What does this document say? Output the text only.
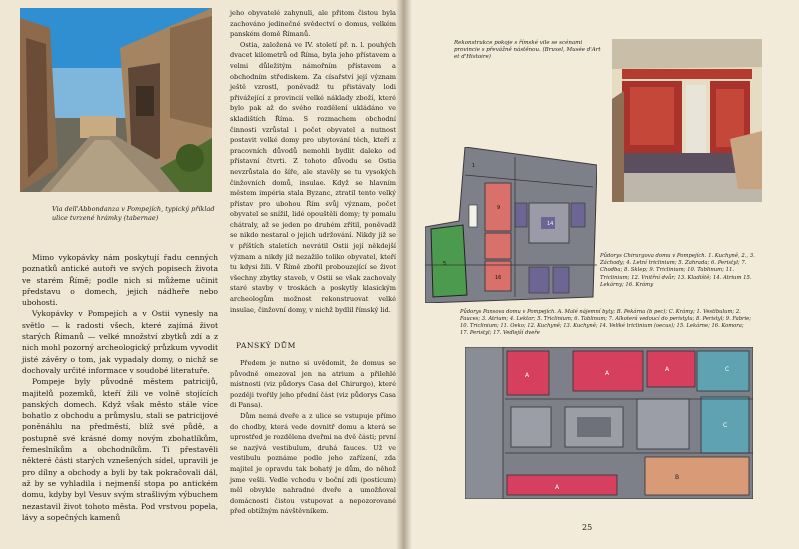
Via dell'Abbondanza v Pompejích, typický příklad ulice tvrzené hrámky (tabernae)

Mimo vykopávky nám poskytují řadu cenných poznatků antické autoři ve svých popisech života ve starém Římě; podle nich si můžeme učinit představu o domech, jejich nádheře nebo ubohosti.

Vykopávky v Pompejích a v Ostii vynesly na světlo — k radosti všech, které zajímá život starých Římanů — velké množství zbytků zdí a z nich mohl pozorný archeologický průzkum vyvodit jisté závěry o tom, jak vypadaly domy, o nichž se dochovaly určité informace v soudobé literatuře.

Pompeje byly původně městem patricijů, majitelů pozemků, kteří žili ve volně stojících panských domech. Když však město stále více bohatlo z obchodu a průmyslu, stali se patricijové poněnáhlu na předměstí, blíž své půdě, a postupně své krásné domy novým zbohatlíkům, řemeslníkům a obchodníkům. Ti přestavěli některé části starých vznešených sídel, upravili je pro dílny a obchody a byli by tak pokračovali dál, až by se vyhladila i nejmenší stopa po antickém domu, kdyby byl Vesuv svým strašlivým výbuchem nezastavil život tohoto města. Pod vrstvou popela, lávy a sopečných kamenů

jeho obyvatelé zahynuli, ale přitom čistou byla zachováno jedinečné svědectví o domus, velkém panském domě Římanů.

Ostia, založená ve IV. století př. n. l. pouhých dvacet kilometrů od Říma, byla jeho přístavem a velmi důležitým námořním přístavem a obchodním střediskem. Za císařství její význam ještě vzrostl, poněvadž tu přistávaly lodi přivážející z provincií velké náklady zboží, které bylo pak až do svého rozdělení ukládáno ve skladištích Říma. S rozmachem obchodní činnosti vzrůstal i počet obyvatel a nutnost postavit velké domy pro ubytování těch, kteří z pracovních důvodů nemohli bydlit daleko od přístavní čtvrti. Z tohoto důvodu se Ostia nevzrůstala do šíře, ale stavěly se tu vysokých činžovních domů, insulae. Když se hlavním městem impéria stala Byzanc, ztratil tento velký přístav pro ubohou Řím svůj význam, počet obyvatel se snížil, lidé opouštěli domy; ty pomalu chátraly, až se jeden po druhém zřítil, poněvadž se nikdo nestaral o jejich udržování. Nikdy již se v příštích staletích nevrátil Ostii její někdejší význam a nikdy již nezažilo toliko obyvatel, kteří tu kdysi žili. V Římě zbořil probouzející se život všechny zbytky staveb, v Ostii se však zachovaly staré stavby v troskách a poskytly klasickým archeologům možnost rekonstruovat velké insulae, činžovní domy, v nichž bydlil římský lid.

PANSKÝ DŮM

Předem je nutno si uvědomit, že domus se původně omezoval jen na atrium a přilehlé místnosti (viz půdorys Casa del Chirurgo), které později tvořily jeho přední část (viz půdorys Casa di Pansa).

Dům nemá dveře a z ulice se vstupuje přímo do chodby, která vede dovnitř domu a která se uprostřed je rozdělena dveřmi na dvě části; první se nazývá vestibulum, druhá fauces. Už ve vestibulu poznáme podle jeho zařízení, zda majitel je opravdu tak bohatý je dům, do něhož jsme vešli. Vedle vchodu v boční zdi (postícum) měl obvykle nahradné dveře a umožňoval domácnosti čistou vstupovat a nepozorované před obtížným návštěvníkem.

Rekonstrukce pokoje s římské vile se scénami provincie s převážně nástěnou. (Bruxel, Musée d'Art et d'Histoire)
Půdorys Chirurgova domu v Pompejích. 1. Kuchyně, 2., 3. Záchody; 4. Letní triclinium; 5. Zahrada; 6. Peristyl; 7. Chodba; 8. Sklep; 9. Triclinium; 10. Tablinum; 11. Triclinium; 12. Vnitřní dvůr; 13. Kladiště; 14. Atrium 15. Lekárny; 16. Krámy
Půdorys Pansova domu v Pompejích. A. Malé nájemní byty; B. Pekárna (b pec); C. Krámy; 1. Vestibulum; 2. Fauces; 3. Atrium; 4. Lektor; 5. Triclinium; 6. Tablinum; 7. Alkoterá vedoucí do peristylu; 8. Peristyl; 9. Fabrie; 10. Triclinium; 11. Oeko; 12. Kuchyně; 13. Kuchyně; 14. Veliké triclinium (oecus); 15. Lekárne; 16. Komora; 17. Peristyl; 17. Vedlejší dveře
25
1
9
14
16
5
A	A
A
A
B
C
C
